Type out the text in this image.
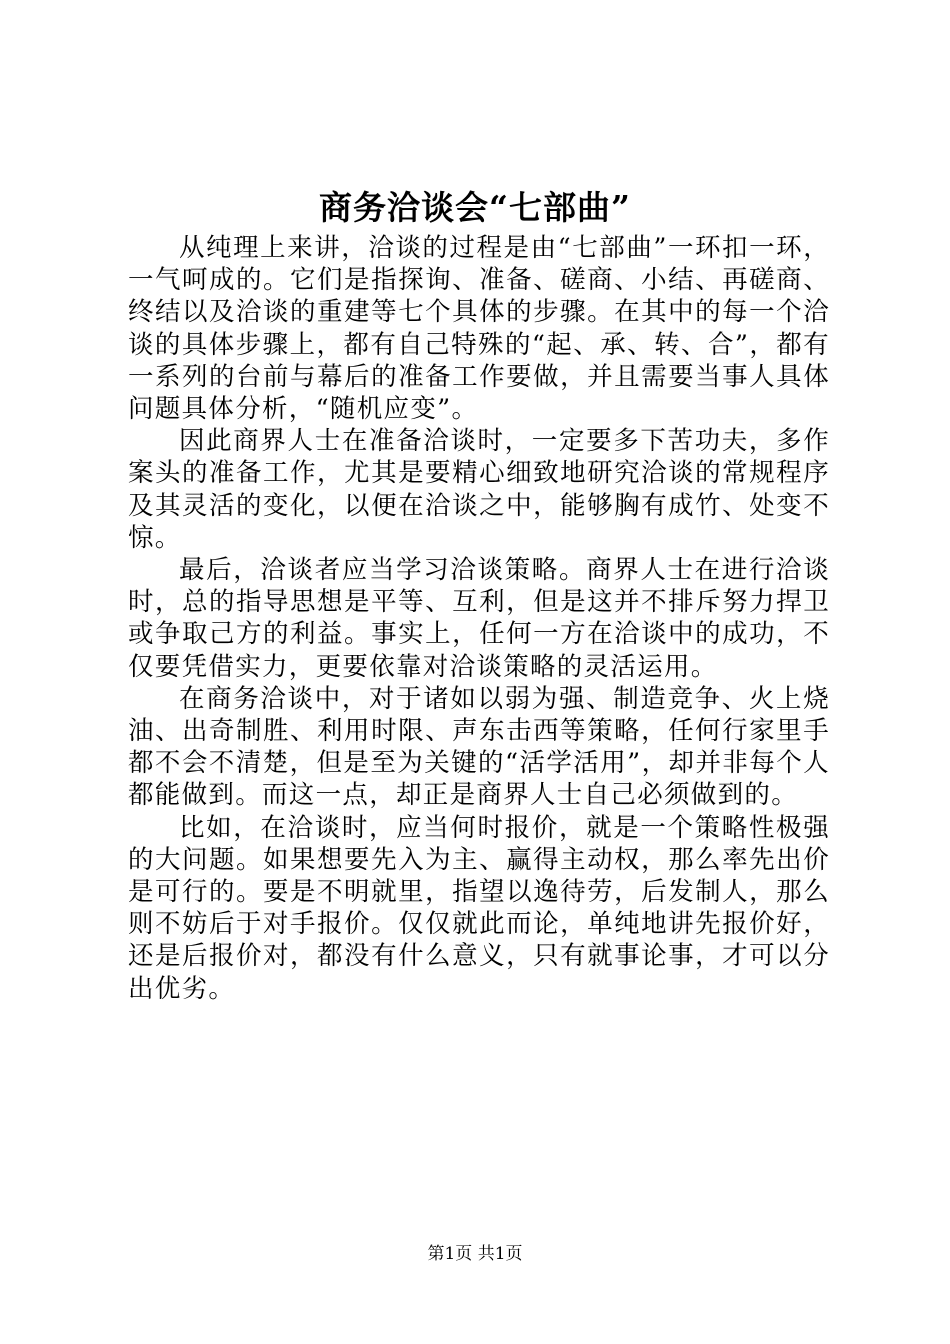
商务洽谈会“七部曲”

从纯理上来讲，洽谈的过程是由“七部曲”一环扣一环，一气呵成的。它们是指探询、准备、磋商、小结、再磋商、终结以及洽谈的重建等七个具体的步骤。在其中的每一个洽谈的具体步骤上，都有自己特殊的“起、承、转、合”，都有一系列的台前与幕后的准备工作要做，并且需要当事人具体问题具体分析，“随机应变”。

因此商界人士在准备洽谈时，一定要多下苦功夫，多作案头的准备工作，尤其是要精心细致地研究洽谈的常规程序及其灵活的变化，以便在洽谈之中，能够胸有成竹、处变不惊。

最后，洽谈者应当学习洽谈策略。商界人士在进行洽谈时，总的指导思想是平等、互利，但是这并不排斥努力捍卫或争取己方的利益。事实上，任何一方在洽谈中的成功，不仅要凭借实力，更要依靠对洽谈策略的灵活运用。

在商务洽谈中，对于诸如以弱为强、制造竞争、火上烧油、出奇制胜、利用时限、声东击西等策略，任何行家里手都不会不清楚，但是至为关键的“活学活用”，却并非每个人都能做到。而这一点，却正是商界人士自己必须做到的。

比如，在洽谈时，应当何时报价，就是一个策略性极强的大问题。如果想要先入为主、赢得主动权，那么率先出价是可行的。要是不明就里，指望以逸待劳，后发制人，那么则不妨后于对手报价。仅仅就此而论，单纯地讲先报价好，还是后报价对，都没有什么意义，只有就事论事，才可以分出优劣。

第1页 共1页
